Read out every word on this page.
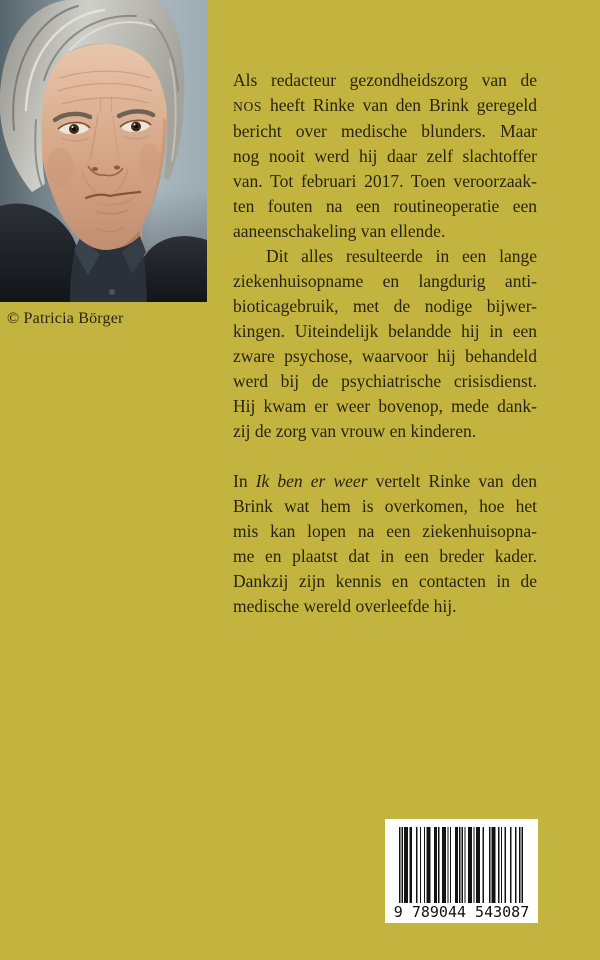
© Patricia Börger
Als redacteur gezondheidszorg van de
NOS heeft Rinke van den Brink geregeld
bericht over medische blunders. Maar
nog nooit werd hij daar zelf slachtoffer
van. Tot februari 2017. Toen veroorzaak-
ten fouten na een routineoperatie een
aaneenschakeling van ellende.
Dit alles resulteerde in een lange
ziekenhuisopname en langdurig anti-
bioticagebruik, met de nodige bijwer-
kingen. Uiteindelijk belandde hij in een
zware psychose, waarvoor hij behandeld
werd bij de psychiatrische crisisdienst.
Hij kwam er weer bovenop, mede dank-
zij de zorg van vrouw en kinderen.
In Ik ben er weer vertelt Rinke van den
Brink wat hem is overkomen, hoe het
mis kan lopen na een ziekenhuisopna-
me en plaatst dat in een breder kader.
Dankzij zijn kennis en contacten in de
medische wereld overleefde hij.
9 789044 543087
